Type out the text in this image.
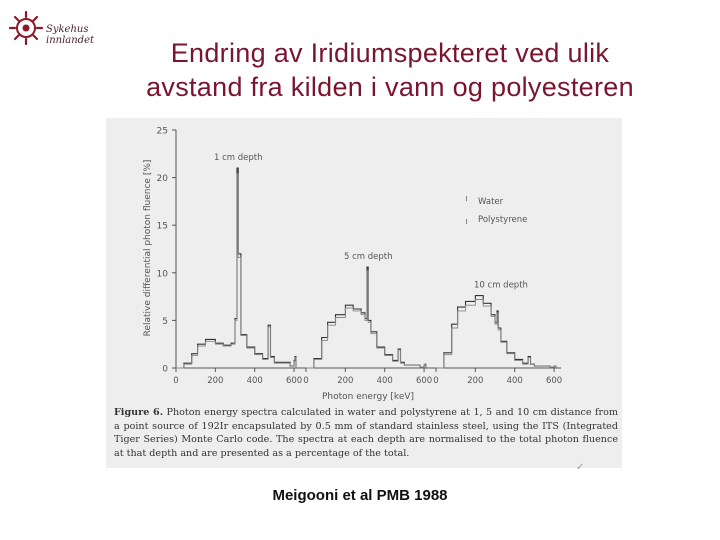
Sykehus
innlandet	Endring av Iridiumspekteret ved ulik
avstand fra kilden i vann og polyesteren
0
5
10
15
20
25
Relative differential photon fluence [%]
Photon energy [keV]
0	200	400	600
1 cm depth
0	200	400	600
5 cm depth
0	200	400	600
10 cm depth
╵ Water
╷ Polystyrene
✓
Figure 6. Photon energy spectra calculated in water and polystyrene at 1, 5 and 10 cm distance from a point source of 192Ir encapsulated by 0.5 mm of standard stainless steel, using the ITS (Integrated Tiger Series) Monte Carlo code. The spectra at each depth are normalised to the total photon fluence at that depth and are presented as a percentage of the total.
Meigooni et al PMB 1988
